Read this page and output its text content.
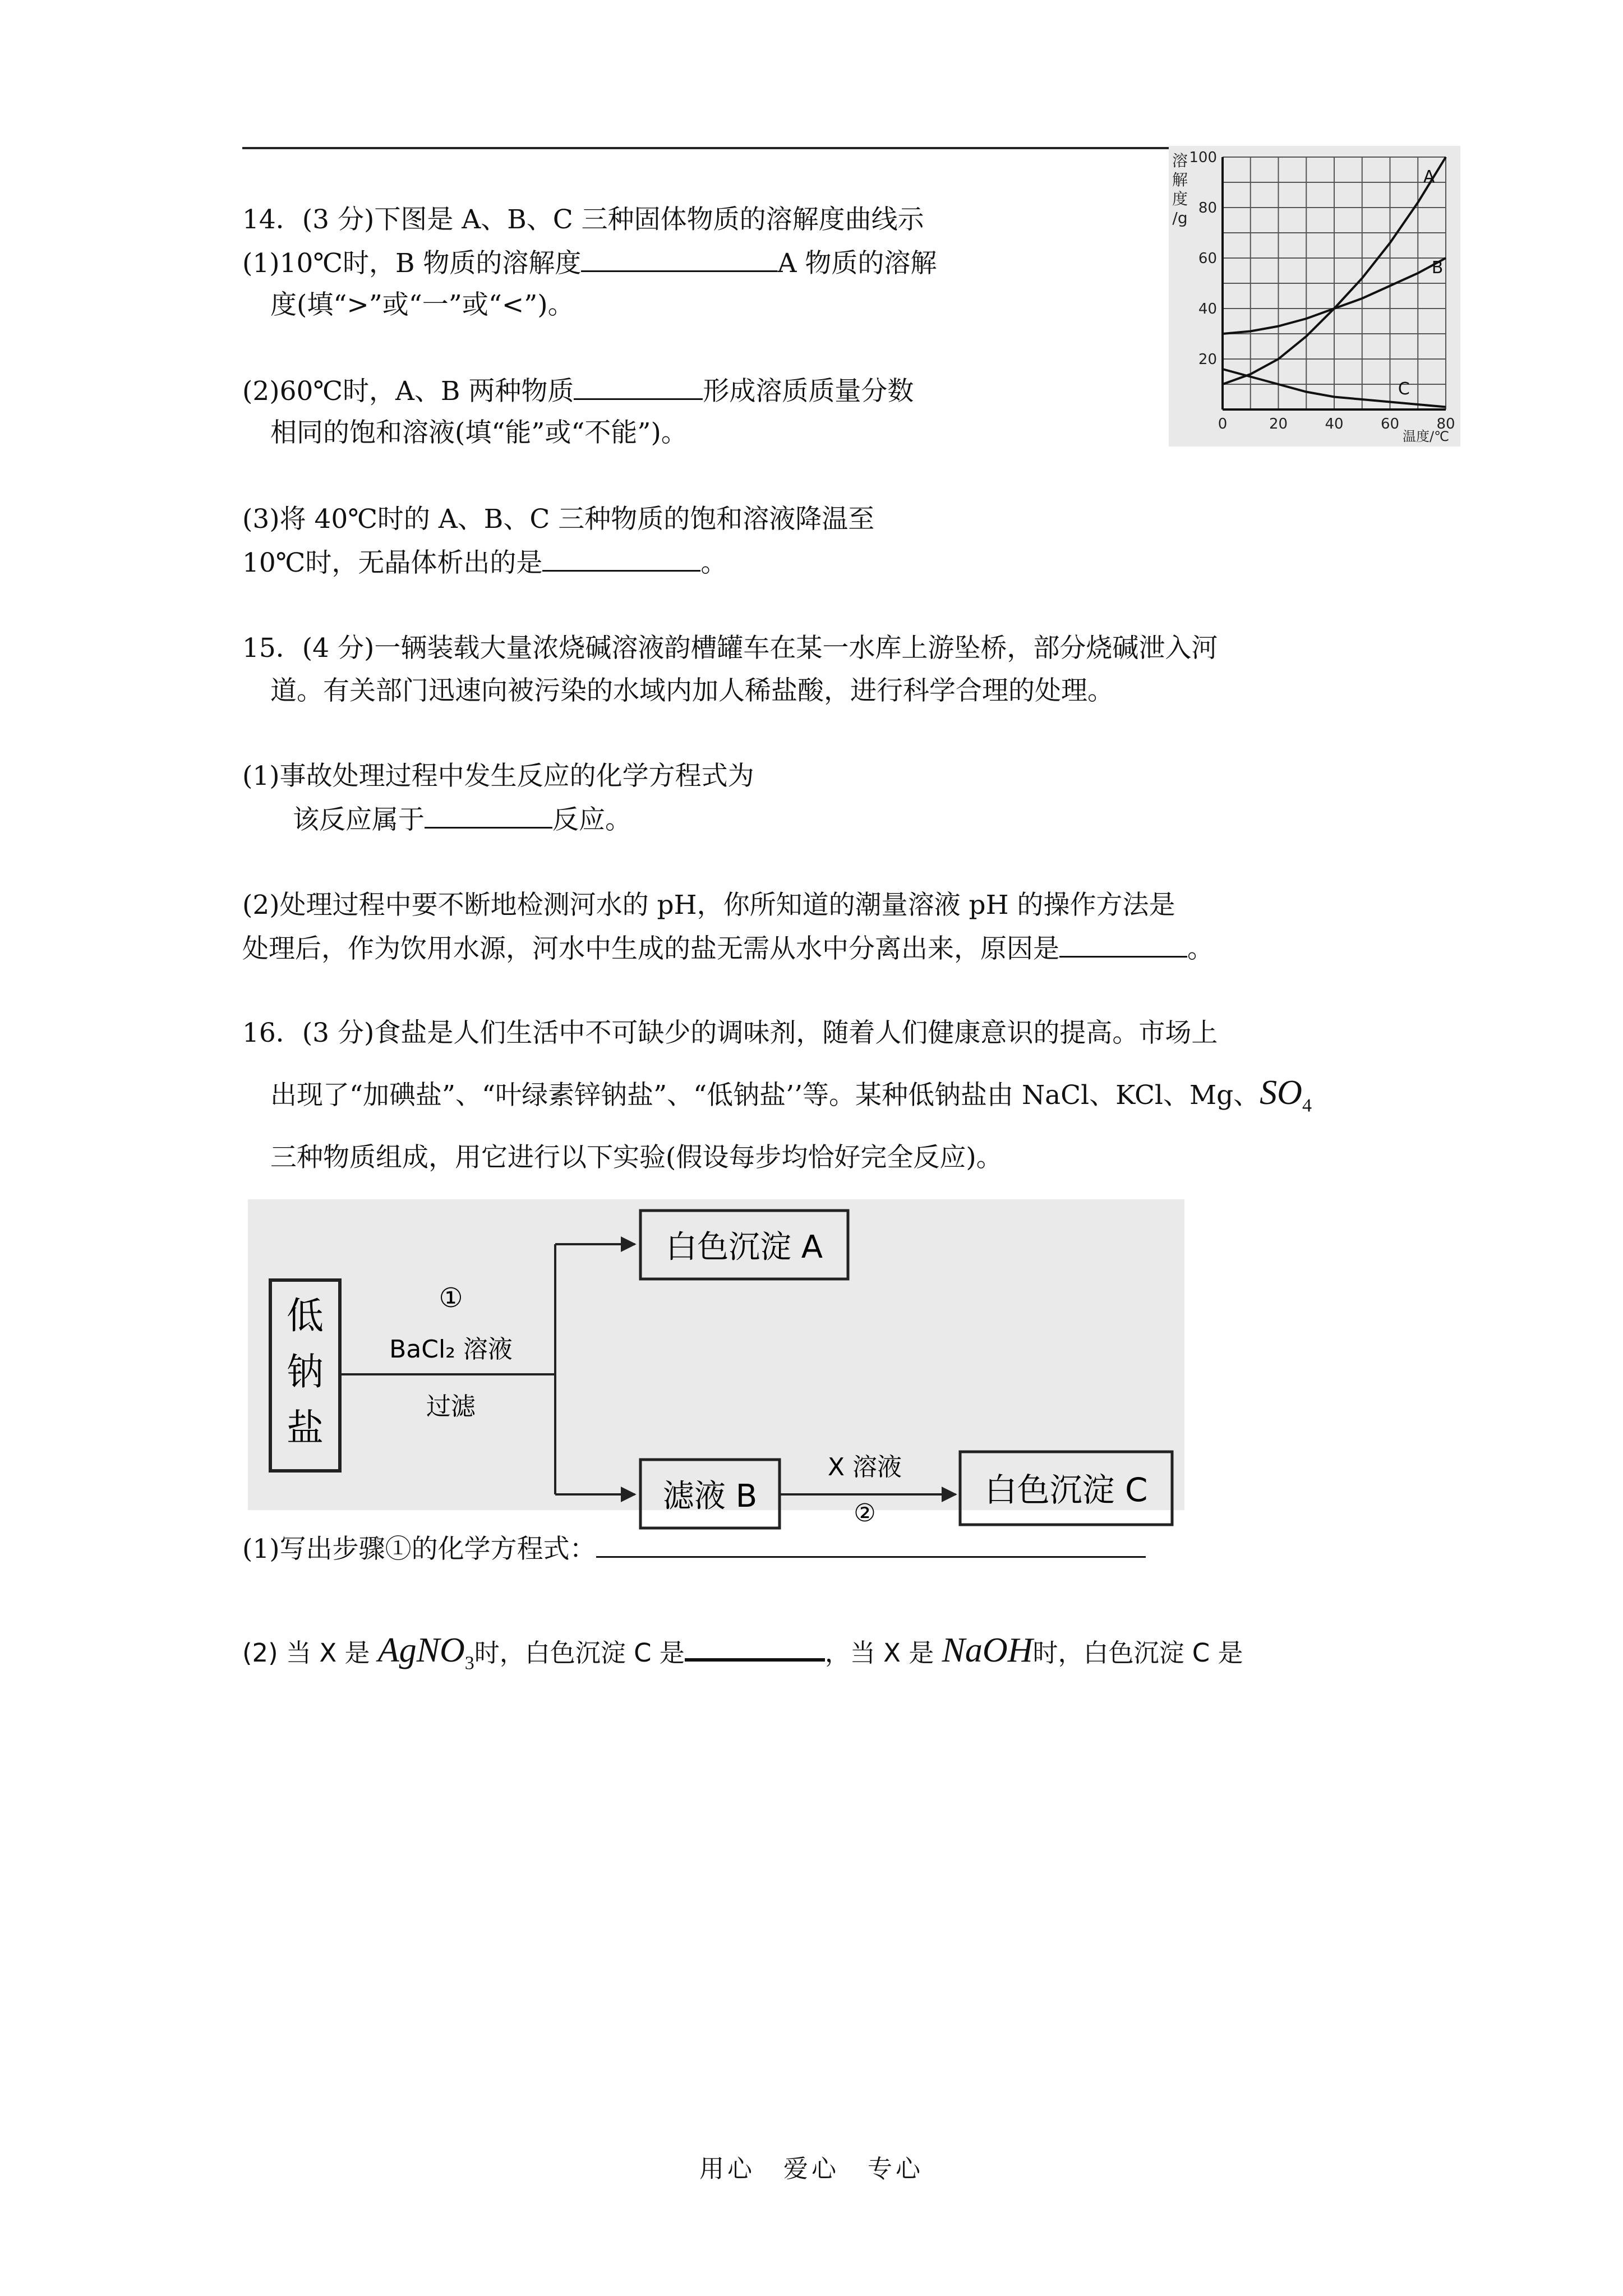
14．(3 分)下图是 A、B、C 三种固体物质的溶解度曲线示
(1)10℃时，B 物质的溶解度	A 物质的溶解
度(填“>”或“一”或“<”)。
(2)60℃时，A、B 两种物质	形成溶质质量分数
相同的饱和溶液(填“能”或“不能”)。
(3)将 40℃时的 A、B、C 三种物质的饱和溶液降温至
10℃时，无晶体析出的是	。
20
40
60
80
100
0	20	40	60	80
A
B
C
溶
解
度
/g
温度/℃
15．(4 分)一辆装载大量浓烧碱溶液韵槽罐车在某一水库上游坠桥，部分烧碱泄入河
道。有关部门迅速向被污染的水域内加人稀盐酸，进行科学合理的处理。
(1)事故处理过程中发生反应的化学方程式为
该反应属于	反应。
(2)处理过程中要不断地检测河水的 pH，你所知道的潮量溶液 pH 的操作方法是
处理后，作为饮用水源，河水中生成的盐无需从水中分离出来，原因是	。
16．(3 分)食盐是人们生活中不可缺少的调味剂，随着人们健康意识的提高。市场上
出现了“加碘盐”、“叶绿素锌钠盐”、“低钠盐’’等。某种低钠盐由 NaCl、KCl、Mg、$SO_4$
三种物质组成，用它进行以下实验(假设每步均恰好完全反应)。
低
钠
盐
①
BaCl₂ 溶液
过滤
白色沉淀 A
滤液 B
X 溶液
②
白色沉淀 C
(1)写出步骤①的化学方程式：
(2) 当 X 是 AgNO$_3$时，白色沉淀 C 是	，当 X 是 NaOH时，白色沉淀 C 是
用心　爱心　专心
